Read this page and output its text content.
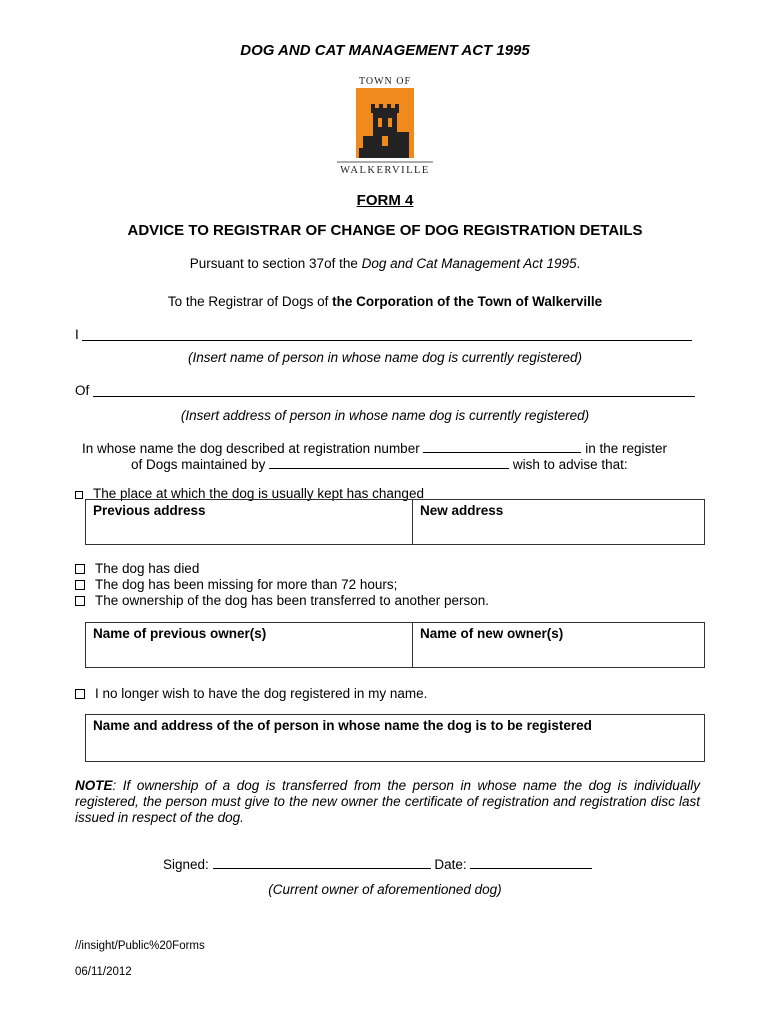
DOG AND CAT MANAGEMENT ACT 1995
TOWN OF
WALKERVILLE
FORM 4
ADVICE TO REGISTRAR OF CHANGE OF DOG REGISTRATION DETAILS
Pursuant to section 37of the Dog and Cat Management Act 1995.
To the Registrar of Dogs of the Corporation of the Town of Walkerville
I
(Insert name of person in whose name dog is currently registered)
Of
(Insert address of person in whose name dog is currently registered)
In whose name the dog described at registration number	in the register
of Dogs maintained by	wish to advise that:
The place at which the dog is usually kept has changed
Previous address	New address
The dog has died
The dog has been missing for more than 72 hours;
The ownership of the dog has been transferred to another person.
Name of previous owner(s)	Name of new owner(s)
I no longer wish to have the dog registered in my name.
Name and address of the of person in whose name the dog is to be registered
NOTE: If ownership of a dog is transferred from the person in whose name the dog is individually registered, the person must give to the new owner the certificate of registration and registration disc last issued in respect of the dog.
Signed:	Date:
(Current owner of aforementioned dog)
//insight/Public%20Forms
06/11/2012
